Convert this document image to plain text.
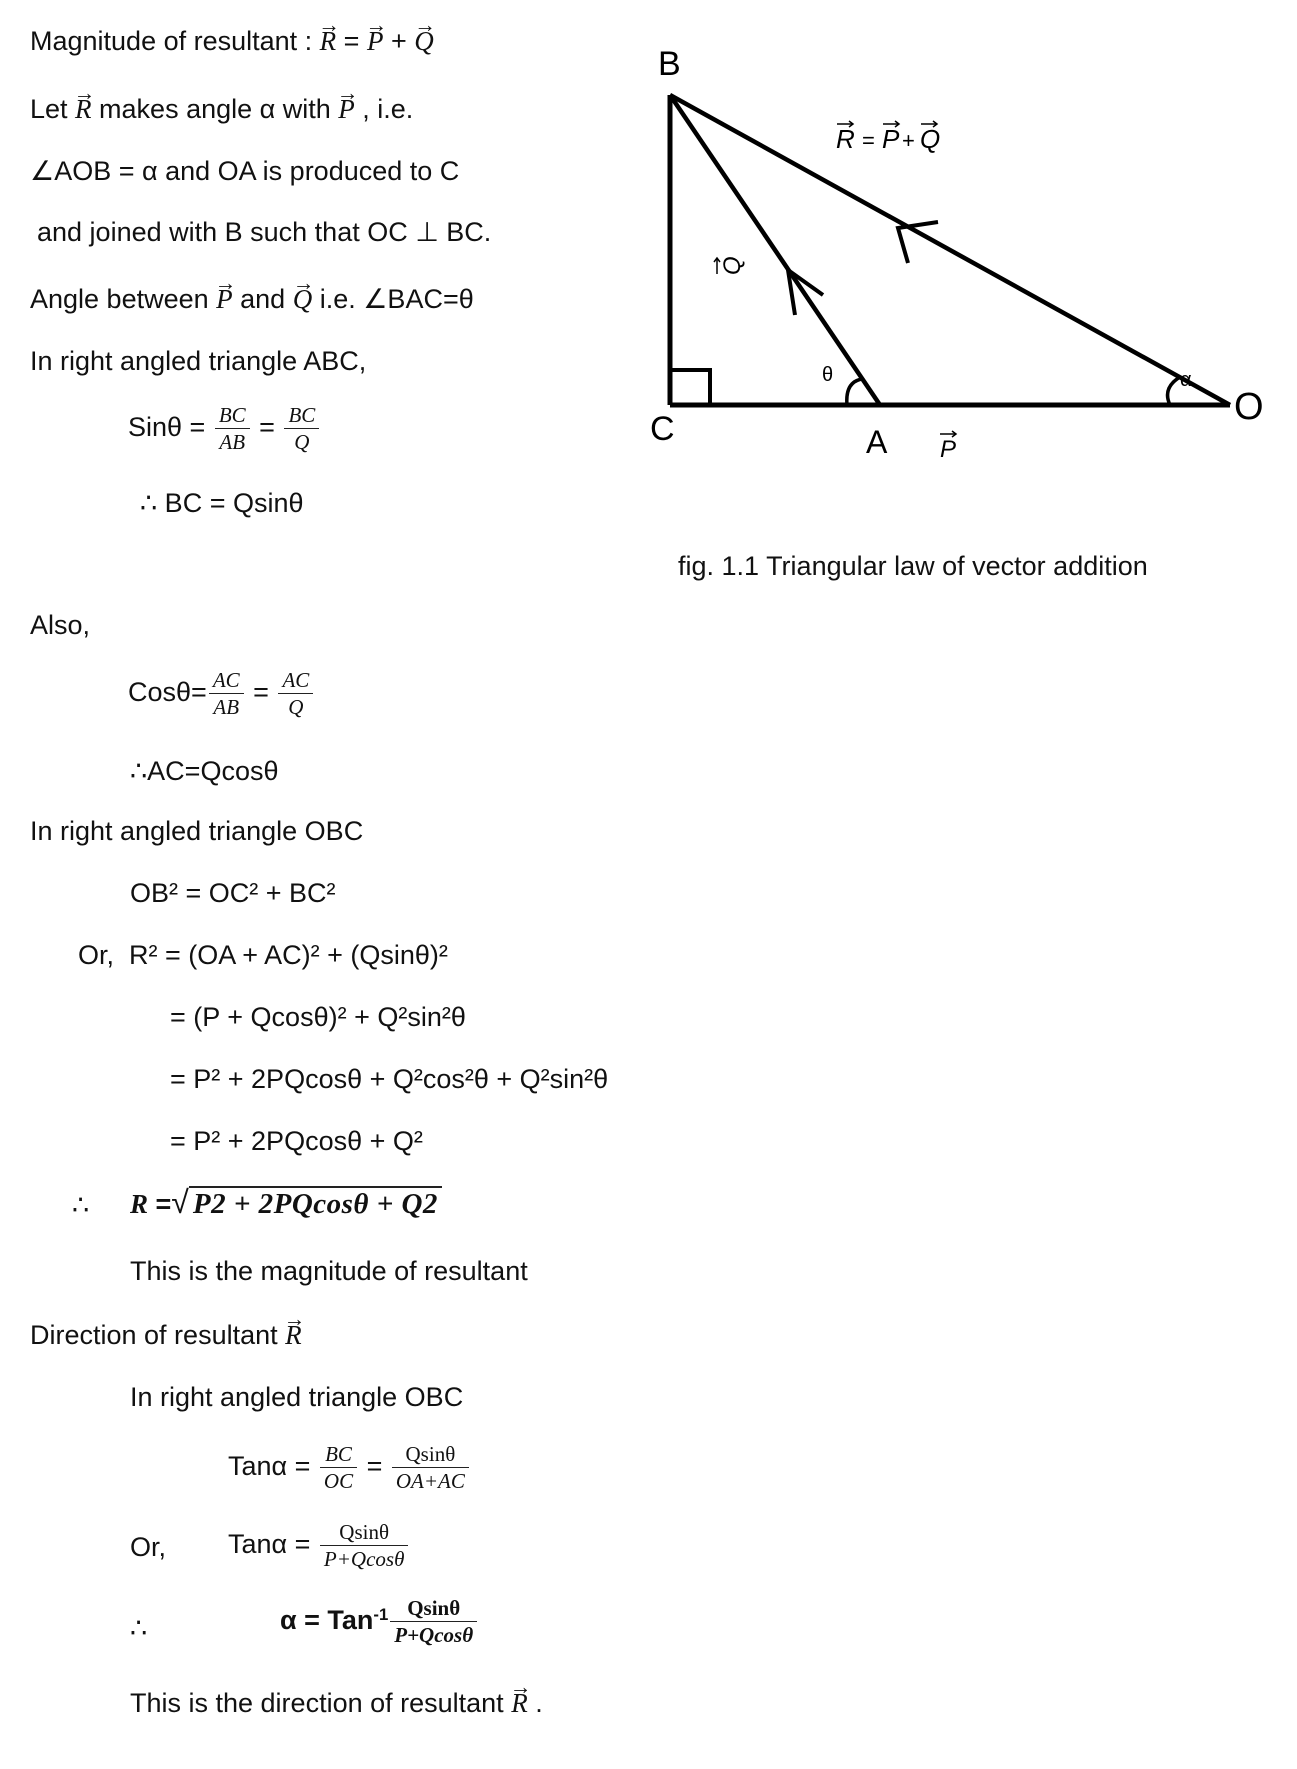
Magnitude of resultant : → R = → P + → Q
Let → R makes angle α with → P , i.e.
∠AOB = α and OA is produced to C
and joined with B such that OC ⊥ BC.
Angle between → P and → Q i.e. ∠BAC=θ
In right angled triangle ABC,
$Sin\theta = \frac{BC}{AB} = \frac{BC}{Q}$
∴ BC = Qsinθ
Also,
$Cos\theta= \frac{AC}{AB} = \frac{AC}{Q}$
∴AC=Qcosθ
In right angled triangle OBC
OB² = OC² + BC²
Or, R² = (OA + AC)² + (Qsinθ)²
= (P + Qcosθ)² + Q²sin²θ
= P² + 2PQcosθ + Q²cos²θ + Q²sin²θ
= P² + 2PQcosθ + Q²
∴ R =√ P2 + 2PQcosθ + Q2
This is the magnitude of resultant
Direction of resultant → R
In right angled triangle OBC
$Tan\alpha = \frac{BC}{OC} = \frac{Qsin\theta}{OA+AC}$
Or, $Tan\alpha = \frac{Qsin\theta}{P+Qcos\theta}$
∴	$\alpha = Tan^{-1} \frac{Qsin\theta}{P+Qcos\theta}$
This is the direction of resultant → R .
B
C	A
O
θ	α
P
Q
R = P + Q
fig. 1.1 Triangular law of vector addition
